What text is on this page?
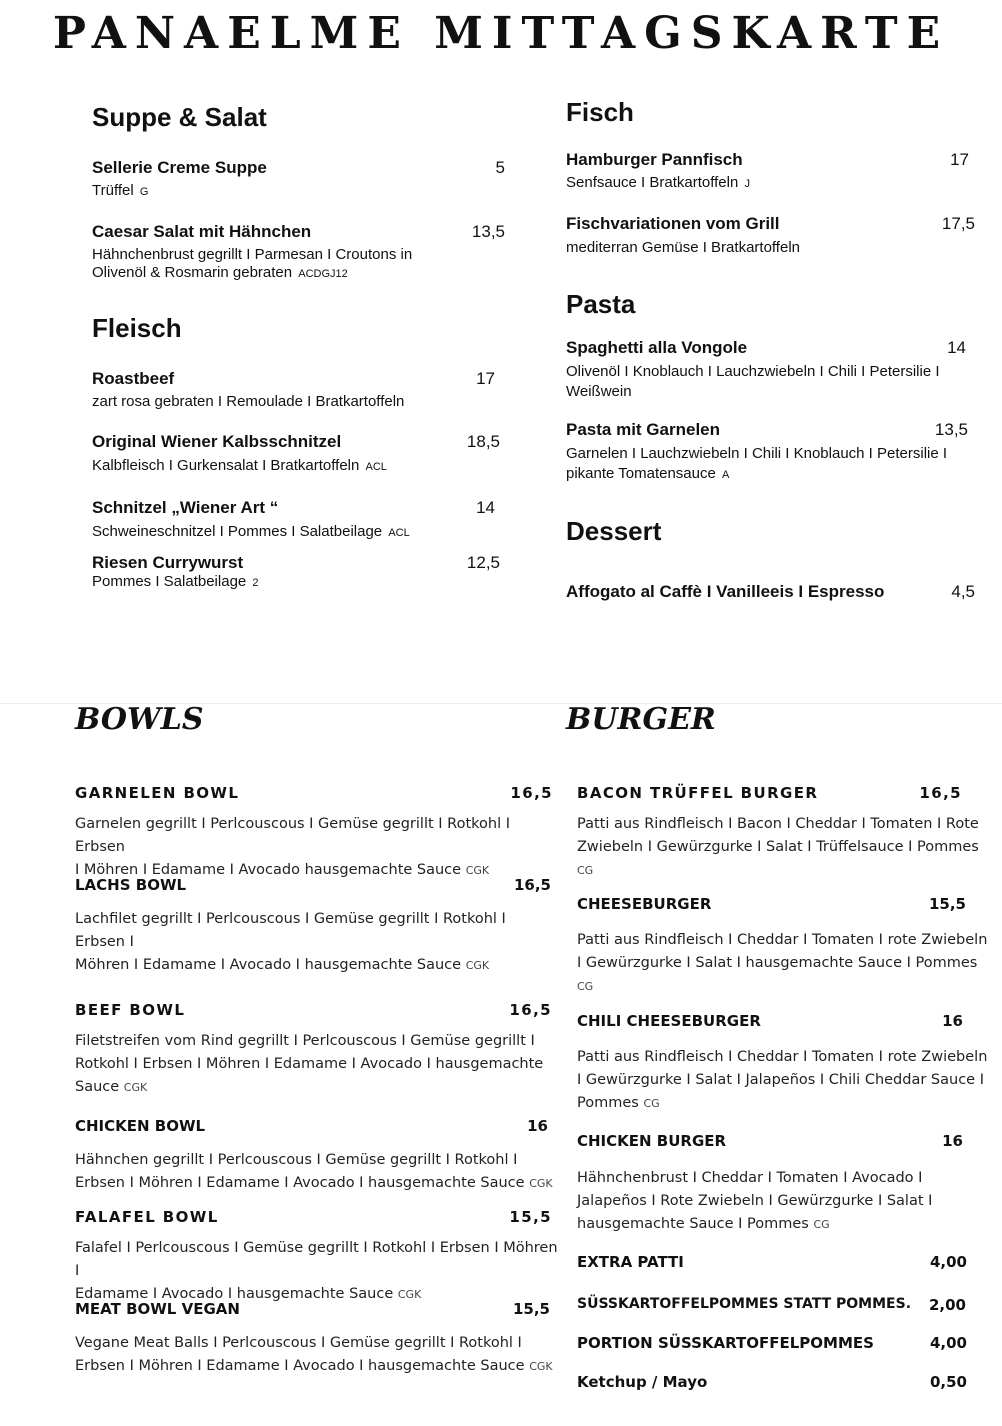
PANAELME MITTAGSKARTE
Suppe & Salat
Sellerie Creme Suppe	5
Trüffel G
Caesar Salat mit Hähnchen	13,5
Hähnchenbrust gegrillt I Parmesan I Croutons in
Olivenöl & Rosmarin gebraten ACDGJ12
Fleisch
Roastbeef	17
zart rosa gebraten I Remoulade I Bratkartoffeln
Original Wiener Kalbsschnitzel	18,5
Kalbfleisch I Gurkensalat I Bratkartoffeln ACL
Schnitzel „Wiener Art “	14
Schweineschnitzel I Pommes I Salatbeilage ACL
Riesen Currywurst	12,5
Pommes I Salatbeilage 2
Fisch
Hamburger Pannfisch	17
Senfsauce I Bratkartoffeln J
Fischvariationen vom Grill	17,5
mediterran Gemüse I Bratkartoffeln
Pasta
Spaghetti alla Vongole	14
Olivenöl I Knoblauch I Lauchzwiebeln I Chili I Petersilie I
Weißwein
Pasta mit Garnelen	13,5
Garnelen I Lauchzwiebeln I Chili I Knoblauch I Petersilie I
pikante Tomatensauce A
Dessert
Affogato al Caffè I Vanilleeis I Espresso	4,5
BOWLS
GARNELEN BOWL	16,5
Garnelen gegrillt I Perlcouscous I Gemüse gegrillt I Rotkohl I Erbsen
I Möhren I Edamame I Avocado hausgemachte Sauce CGK
LACHS BOWL	16,5
Lachfilet gegrillt I Perlcouscous I Gemüse gegrillt I Rotkohl I Erbsen I
Möhren I Edamame I Avocado I hausgemachte Sauce CGK
BEEF BOWL	16,5
Filetstreifen vom Rind gegrillt I Perlcouscous I Gemüse gegrillt I
Rotkohl I Erbsen I Möhren I Edamame I Avocado I hausgemachte
Sauce CGK
CHICKEN BOWL	16
Hähnchen gegrillt I Perlcouscous I Gemüse gegrillt I Rotkohl I
Erbsen I Möhren I Edamame I Avocado I hausgemachte Sauce CGK
FALAFEL BOWL	15,5
Falafel I Perlcouscous I Gemüse gegrillt I Rotkohl I Erbsen I Möhren I
Edamame I Avocado I hausgemachte Sauce CGK
MEAT BOWL VEGAN	15,5
Vegane Meat Balls I Perlcouscous I Gemüse gegrillt I Rotkohl I
Erbsen I Möhren I Edamame I Avocado I hausgemachte Sauce CGK
BURGER
BACON TRÜFFEL BURGER	16,5
Patti aus Rindfleisch I Bacon I Cheddar I Tomaten I Rote
Zwiebeln I Gewürzgurke I Salat I Trüffelsauce I Pommes
CG
CHEESEBURGER	15,5
Patti aus Rindfleisch I Cheddar I Tomaten I rote Zwiebeln
I Gewürzgurke I Salat I hausgemachte Sauce I Pommes
CG
CHILI CHEESEBURGER	16
Patti aus Rindfleisch I Cheddar I Tomaten I rote Zwiebeln
I Gewürzgurke I Salat I Jalapeños I Chili Cheddar Sauce I
Pommes CG
CHICKEN BURGER	16
Hähnchenbrust I Cheddar I Tomaten I Avocado I
Jalapeños I Rote Zwiebeln I Gewürzgurke I Salat I
hausgemachte Sauce I Pommes CG
EXTRA PATTI	4,00
SÜSSKARTOFFELPOMMES STATT POMMES. 2,00
PORTION SÜSSKARTOFFELPOMMES	4,00
Ketchup / Mayo	0,50
